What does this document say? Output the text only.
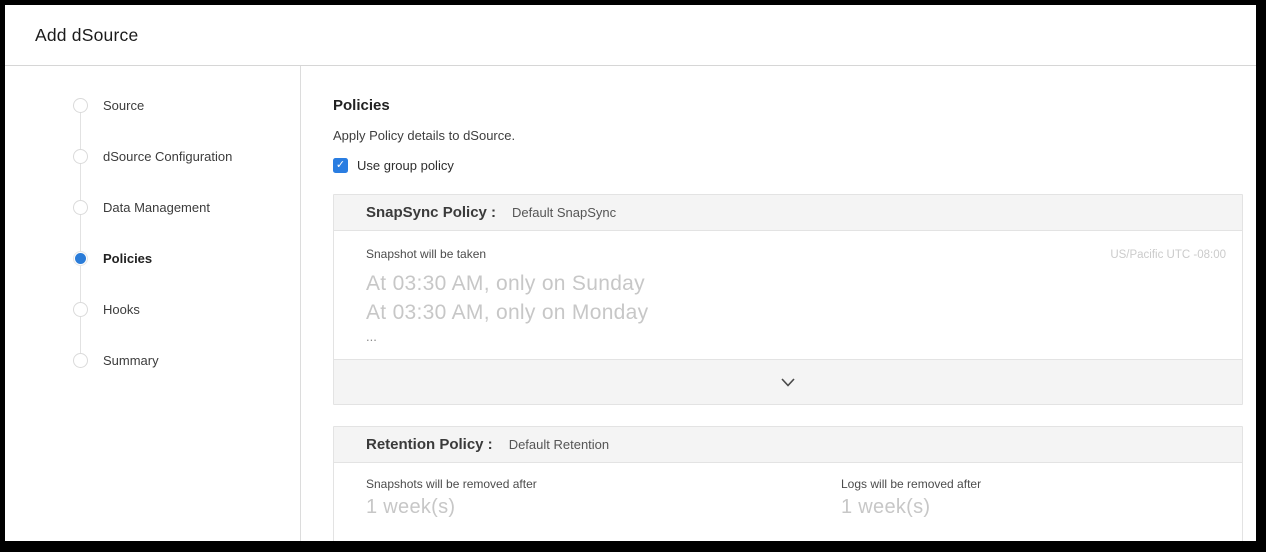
Add dSource
Source
dSource Configuration
Data Management
Policies
Hooks
Summary
Policies
Apply Policy details to dSource.
✓ Use group policy
SnapSync Policy : Default SnapSync
Snapshot will be taken	US/Pacific UTC -08:00
At 03:30 AM, only on Sunday
At 03:30 AM, only on Monday
...
Retention Policy : Default Retention
Snapshots will be removed after
1 week(s)
Logs will be removed after
1 week(s)
